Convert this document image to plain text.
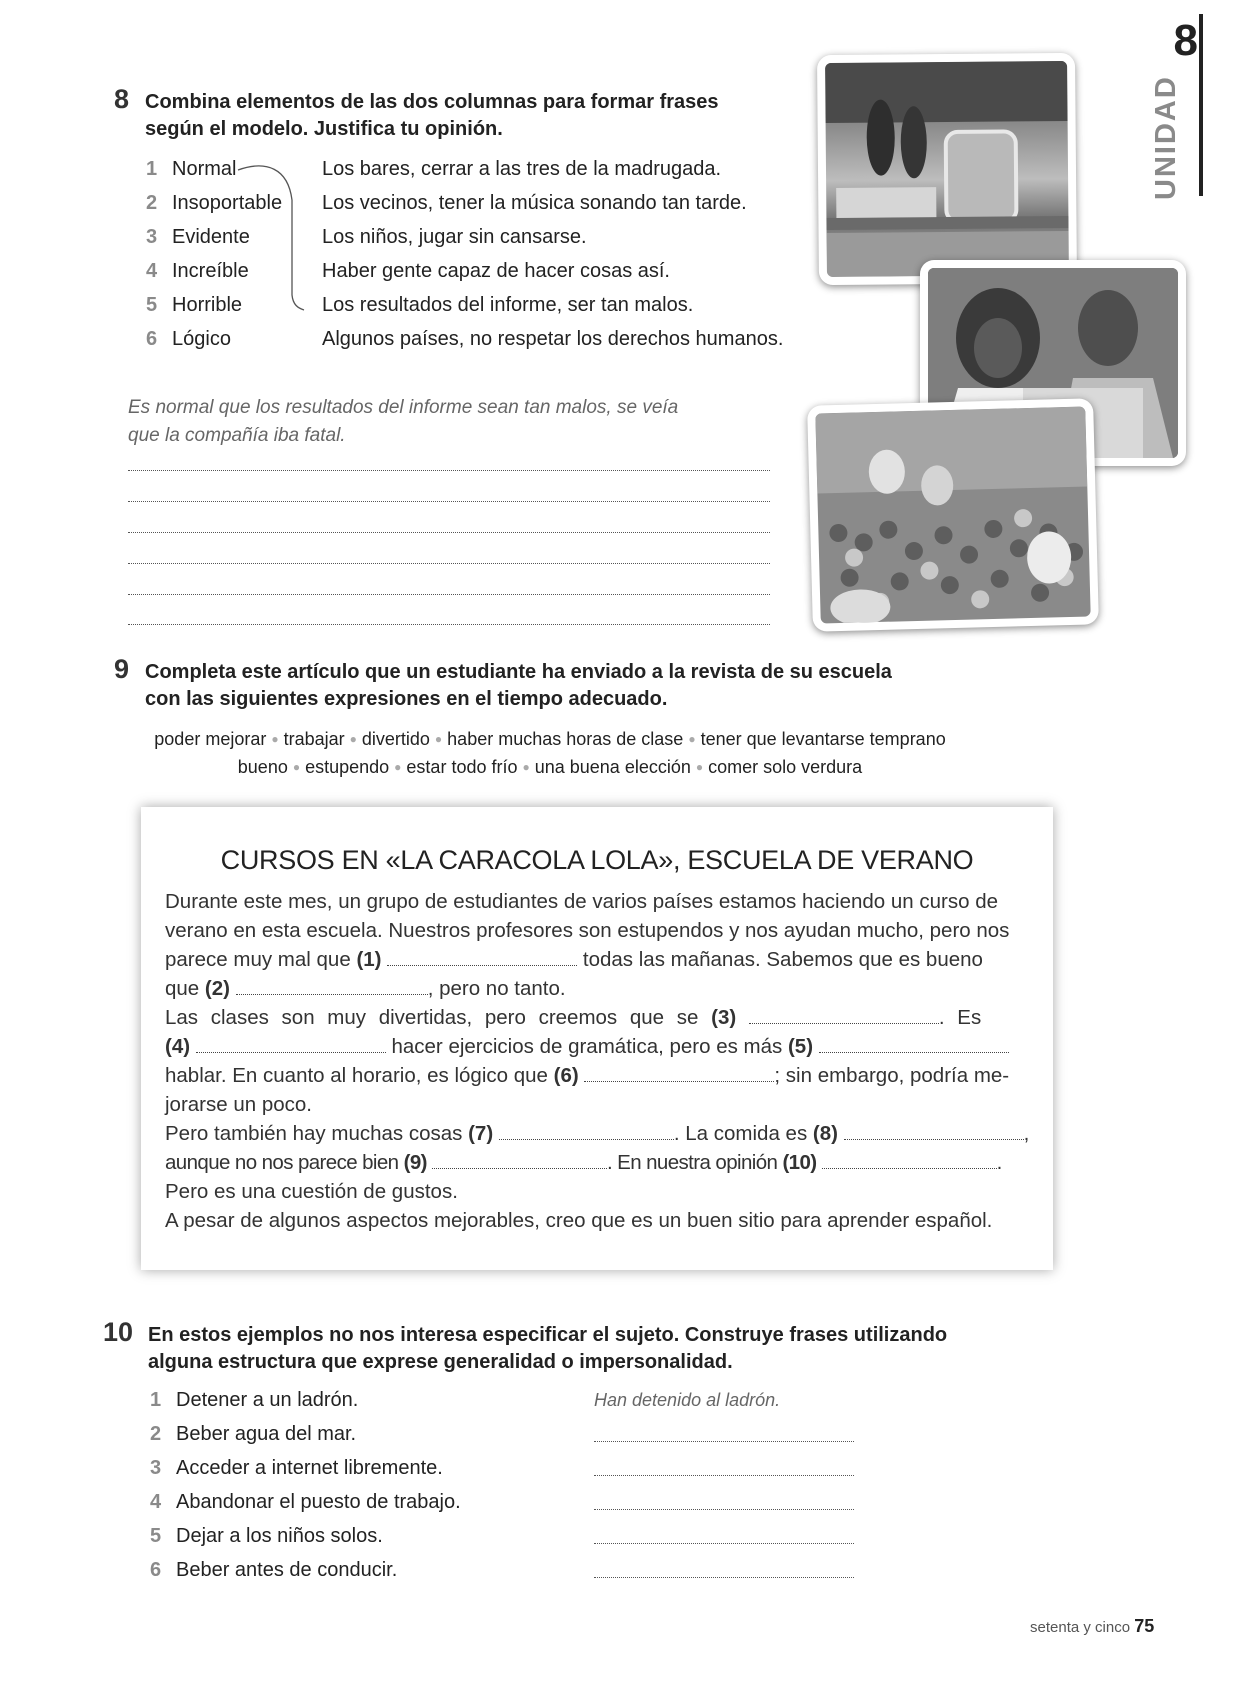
8
UNIDAD
8 Combina elementos de las dos columnas para formar frases
según el modelo. Justifica tu opinión.
1 Normal	Los bares, cerrar a las tres de la madrugada.
2 Insoportable Los vecinos, tener la música sonando tan tarde.
3 Evidente	Los niños, jugar sin cansarse.
4 Increíble	Haber gente capaz de hacer cosas así.
5 Horrible	Los resultados del informe, ser tan malos.
6 Lógico	Algunos países, no respetar los derechos humanos.
Es normal que los resultados del informe sean tan malos, se veía
que la compañía iba fatal.
9 Completa este artículo que un estudiante ha enviado a la revista de su escuela
con las siguientes expresiones en el tiempo adecuado.
poder mejorar ● trabajar ● divertido ● haber muchas horas de clase ● tener que levantarse temprano
bueno ● estupendo ● estar todo frío ● una buena elección ● comer solo verdura
CURSOS EN «LA CARACOLA LOLA», ESCUELA DE VERANO
Durante este mes, un grupo de estudiantes de varios países estamos haciendo un curso de
verano en esta escuela. Nuestros profesores son estupendos y nos ayudan mucho, pero nos
parece muy mal que (1)	todas las mañanas. Sabemos que es bueno
que (2)	, pero no tanto.
Las clases son muy divertidas, pero creemos que se (3)	. Es
(4)	hacer ejercicios de gramática, pero es más (5)
hablar. En cuanto al horario, es lógico que (6)	; sin embargo, podría me-
jorarse un poco.
Pero también hay muchas cosas (7)	. La comida es (8)	,
aunque no nos parece bien (9)	. En nuestra opinión (10)	.
Pero es una cuestión de gustos.
A pesar de algunos aspectos mejorables, creo que es un buen sitio para aprender español.
10 En estos ejemplos no nos interesa especificar el sujeto. Construye frases utilizando
alguna estructura que exprese generalidad o impersonalidad.
1 Detener a un ladrón.	Han detenido al ladrón.
2 Beber agua del mar.
3 Acceder a internet libremente.
4 Abandonar el puesto de trabajo.
5 Dejar a los niños solos.
6 Beber antes de conducir.
setenta y cinco 75
